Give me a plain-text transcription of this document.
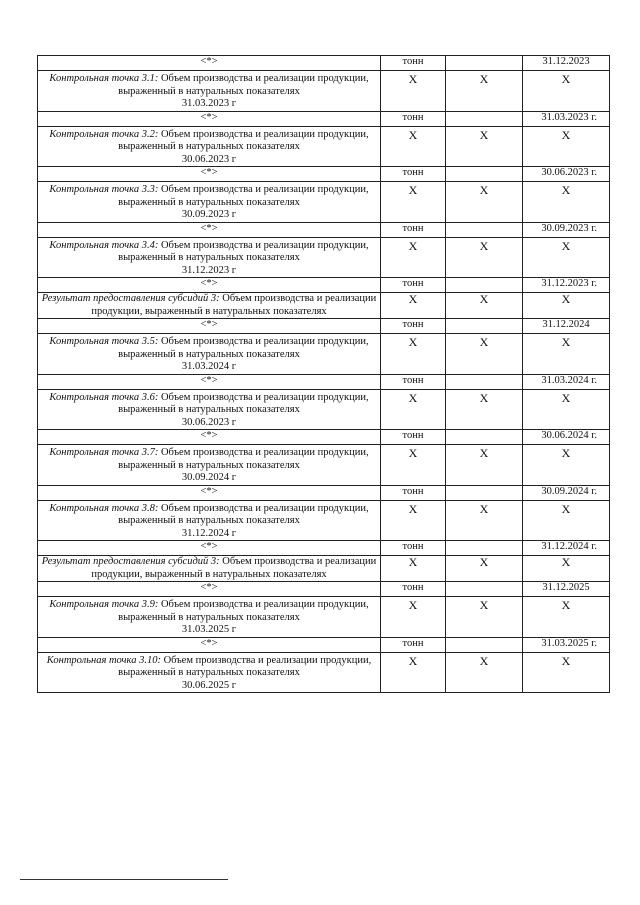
<*>	тонн		31.12.2023
Контрольная точка 3.1: Объем производства и реализации продукции, выраженный в натуральных показателях
31.03.2023 г	X	X	X
<*>	тонн		31.03.2023 г.
Контрольная точка 3.2: Объем производства и реализации продукции, выраженный в натуральных показателях
30.06.2023 г	X	X	X
<*>	тонн		30.06.2023 г.
Контрольная точка 3.3: Объем производства и реализации продукции, выраженный в натуральных показателях
30.09.2023 г	X	X	X
<*>	тонн		30.09.2023 г.
Контрольная точка 3.4: Объем производства и реализации продукции, выраженный в натуральных показателях
31.12.2023 г	X	X	X
<*>	тонн		31.12.2023 г.
Результат предоставления субсидий 3: Объем производства и реализации продукции, выраженный в натуральных показателях	X	X	X
<*>	тонн		31.12.2024
Контрольная точка 3.5: Объем производства и реализации продукции, выраженный в натуральных показателях
31.03.2024 г	X	X	X
<*>	тонн		31.03.2024 г.
Контрольная точка 3.6: Объем производства и реализации продукции, выраженный в натуральных показателях
30.06.2023 г	X	X	X
<*>	тонн		30.06.2024 г.
Контрольная точка 3.7: Объем производства и реализации продукции, выраженный в натуральных показателях
30.09.2024 г	X	X	X
<*>	тонн		30.09.2024 г.
Контрольная точка 3.8: Объем производства и реализации продукции, выраженный в натуральных показателях
31.12.2024 г	X	X	X
<*>	тонн		31.12.2024 г.
Результат предоставления субсидий 3: Объем производства и реализации продукции, выраженный в натуральных показателях	X	X	X
<*>	тонн		31.12.2025
Контрольная точка 3.9: Объем производства и реализации продукции, выраженный в натуральных показателях
31.03.2025 г	X	X	X
<*>	тонн		31.03.2025 г.
Контрольная точка 3.10: Объем производства и реализации продукции, выраженный в натуральных показателях
30.06.2025 г	X	X	X
